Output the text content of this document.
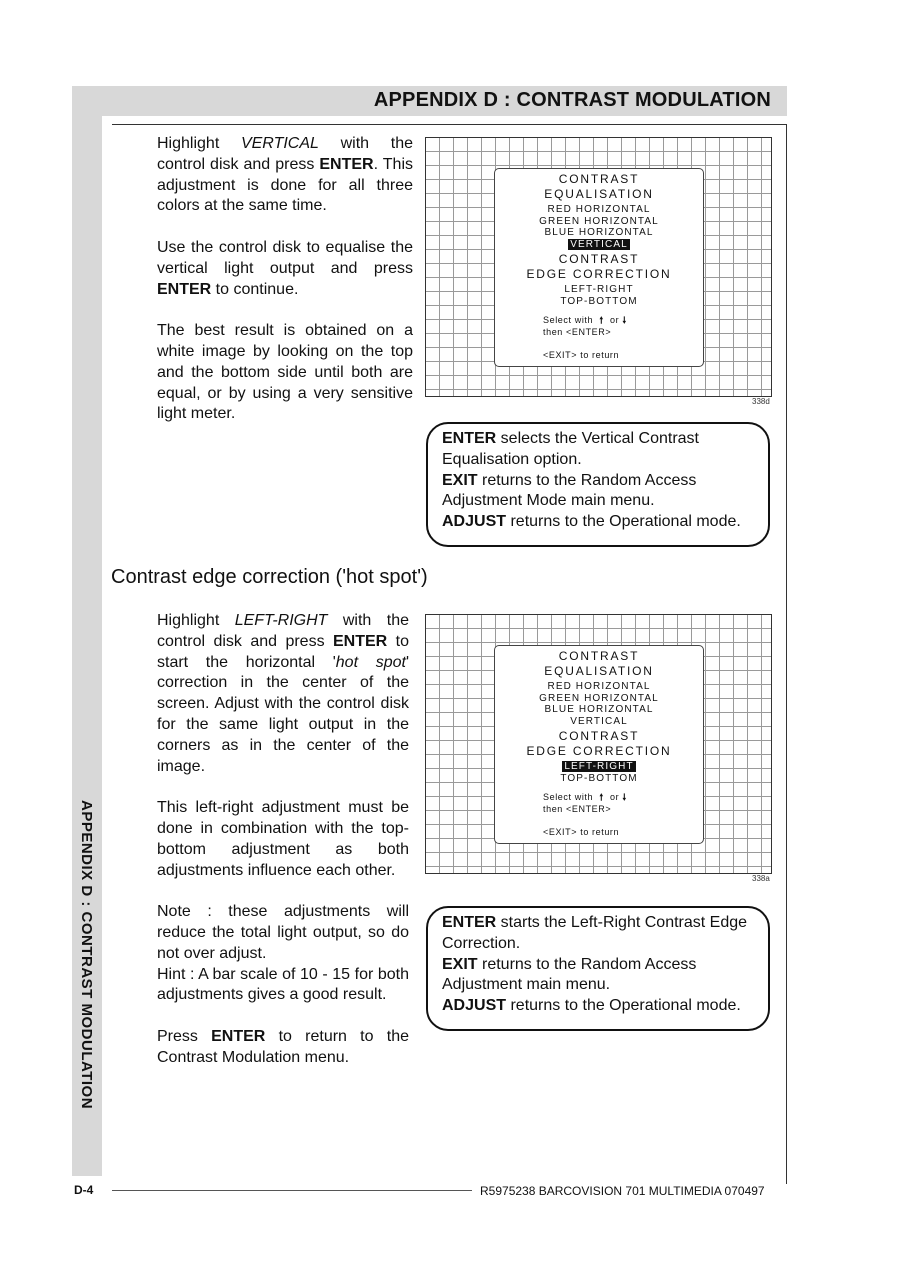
APPENDIX D : CONTRAST MODULATION
APPENDIX D : CONTRAST MODULATION

Highlight VERTICAL with the control disk and press ENTER. This adjustment is done for all three colors at the same time.

Use the control disk to equalise the vertical light output and press ENTER to continue.

The best result is obtained on a white image by looking on the top and the bottom side until both are equal, or by using a very sensitive light meter.

CONTRAST
EQUALISATION
RED HORIZONTAL
GREEN HORIZONTAL
BLUE HORIZONTAL
VERTICAL
CONTRAST
EDGE CORRECTION
LEFT-RIGHT
TOP-BOTTOM
Select with 🠕 or 🠗
then <ENTER>
<EXIT> to return
338d

ENTER selects the Vertical Contrast Equalisation option.

EXIT returns to the Random Access Adjustment Mode main menu.

ADJUST returns to the Operational mode.

Contrast edge correction ('hot spot')

Highlight LEFT-RIGHT with the control disk and press ENTER to start the horizontal 'hot spot' correction in the center of the screen. Adjust with the control disk for the same light output in the corners as in the center of the image.

This left-right adjustment must be done in combination with the top-bottom adjustment as both adjustments influence each other.

Note : these adjustments will reduce the total light output, so do not over adjust.
Hint : A bar scale of 10 - 15 for both adjustments gives a good result.

Press ENTER to return to the Contrast Modulation menu.

CONTRAST
EQUALISATION
RED HORIZONTAL
GREEN HORIZONTAL
BLUE HORIZONTAL
VERTICAL
CONTRAST
EDGE CORRECTION
LEFT-RIGHT
TOP-BOTTOM
Select with 🠕 or 🠗
then <ENTER>
<EXIT> to return
338a

ENTER starts the Left-Right Contrast Edge Correction.

EXIT returns to the Random Access Adjustment main menu.

ADJUST returns to the Operational mode.

D-4	R5975238 BARCOVISION 701 MULTIMEDIA 070497
